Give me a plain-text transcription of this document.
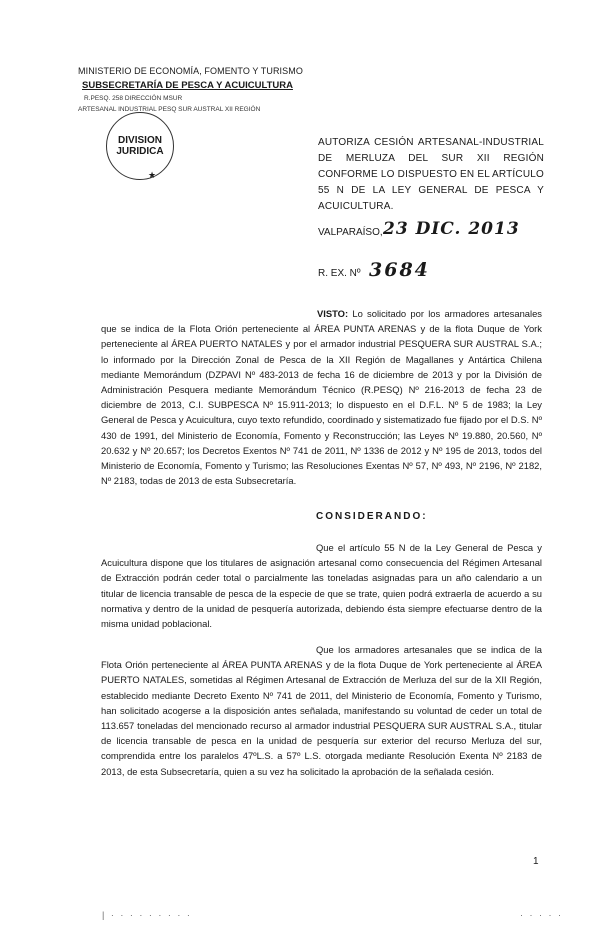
MINISTERIO DE ECONOMÍA, FOMENTO Y TURISMO
SUBSECRETARÍA DE PESCA Y ACUICULTURA
R.PESQ. 258 DIRECCIÓN MSUR
ARTESANAL INDUSTRIAL PESQ SUR AUSTRAL XII REGIÓN
DIVISION
JURIDICA
★
AUTORIZA CESIÓN ARTESANAL-INDUSTRIAL DE MERLUZA DEL SUR XII REGIÓN CONFORME LO DISPUESTO EN EL ARTÍCULO 55 N DE LA LEY GENERAL DE PESCA Y ACUICULTURA.
VALPARAÍSO, 23 DIC. 2013
R. EX. Nº 3684
VISTO: Lo solicitado por los armadores artesanales que se indica de la Flota Orión perteneciente al ÁREA PUNTA ARENAS y de la flota Duque de York perteneciente al ÁREA PUERTO NATALES y por el armador industrial PESQUERA SUR AUSTRAL S.A.; lo informado por la Dirección Zonal de Pesca de la XII Región de Magallanes y Antártica Chilena mediante Memorándum (DZPAVI Nº 483-2013 de fecha 16 de diciembre de 2013 y por la División de Administración Pesquera mediante Memorándum Técnico (R.PESQ) Nº 216-2013 de fecha 23 de diciembre de 2013, C.I. SUBPESCA Nº 15.911-2013; lo dispuesto en el D.F.L. Nº 5 de 1983; la Ley General de Pesca y Acuicultura, cuyo texto refundido, coordinado y sistematizado fue fijado por el D.S. Nº 430 de 1991, del Ministerio de Economía, Fomento y Reconstrucción; las Leyes Nº 19.880, 20.560, Nº 20.632 y Nº 20.657; los Decretos Exentos Nº 741 de 2011, Nº 1336 de 2012 y Nº 195 de 2013, todos del Ministerio de Economía, Fomento y Turismo; las Resoluciones Exentas Nº 57, Nº 493, Nº 2196, Nº 2182, Nº 2183, todas de 2013 de esta Subsecretaría.
CONSIDERANDO:
Que el artículo 55 N de la Ley General de Pesca y Acuicultura dispone que los titulares de asignación artesanal como consecuencia del Régimen Artesanal de Extracción podrán ceder total o parcialmente las toneladas asignadas para un año calendario a un titular de licencia transable de pesca de la especie de que se trate, quien podrá extraerla de acuerdo a su normativa y dentro de la unidad de pesquería autorizada, debiendo ésta siempre efectuarse dentro de la misma unidad poblacional.
Que los armadores artesanales que se indica de la Flota Orión perteneciente al ÁREA PUNTA ARENAS y de la flota Duque de York perteneciente al ÁREA PUERTO NATALES, sometidas al Régimen Artesanal de Extracción de Merluza del sur de la XII Región, establecido mediante Decreto Exento Nº 741 de 2011, del Ministerio de Economía, Fomento y Turismo, han solicitado acogerse a la disposición antes señalada, manifestando su voluntad de ceder un total de 113.657 toneladas del mencionado recurso al armador industrial PESQUERA SUR AUSTRAL S.A., titular de licencia transable de pesca en la unidad de pesquería sur exterior del recurso Merluza del sur, comprendida entre los paralelos 47ºL.S. a 57º L.S. otorgada mediante Resolución Exenta Nº 2183 de 2013, de esta Subsecretaría, quien a su vez ha solicitado la aprobación de la señalada cesión.
1
| · · · · · · · · ·	· · · · ·
